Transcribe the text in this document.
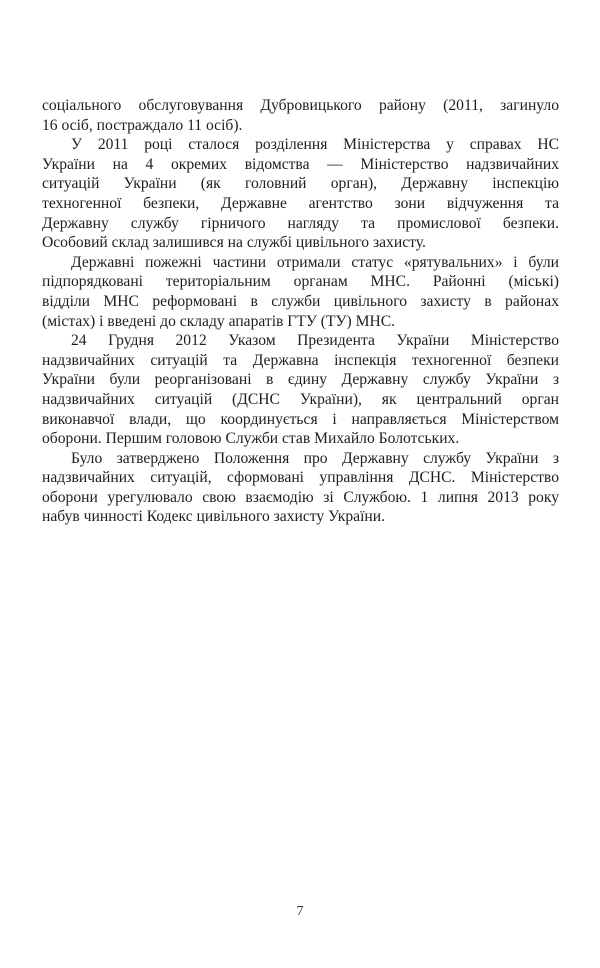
соціального обслуговування Дубровицького району (2011, загинуло
16 осіб, постраждало 11 осіб).
У 2011 році сталося розділення Міністерства у справах НС
України на 4 окремих відомства — Міністерство надзвичайних
ситуацій України (як головний орган), Державну інспекцію
техногенної безпеки, Державне агентство зони відчуження та
Державну службу гірничого нагляду та промислової безпеки.
Особовий склад залишився на службі цивільного захисту.
Державні пожежні частини отримали статус «рятувальних» і були
підпорядковані територіальним органам МНС. Районні (міські)
відділи МНС реформовані в служби цивільного захисту в районах
(містах) і введені до складу апаратів ГТУ (ТУ) МНС.
24 Грудня 2012 Указом Президента України Міністерство
надзвичайних ситуацій та Державна інспекція техногенної безпеки
України були реорганізовані в єдину Державну службу України з
надзвичайних ситуацій (ДСНС України), як центральний орган
виконавчої влади, що координується і направляється Міністерством
оборони. Першим головою Служби став Михайло Болотських.
Було затверджено Положення про Державну службу України з
надзвичайних ситуацій, сформовані управління ДСНС. Міністерство
оборони урегулювало свою взаємодію зі Службою. 1 липня 2013 року
набув чинності Кодекс цивільного захисту України.
7
